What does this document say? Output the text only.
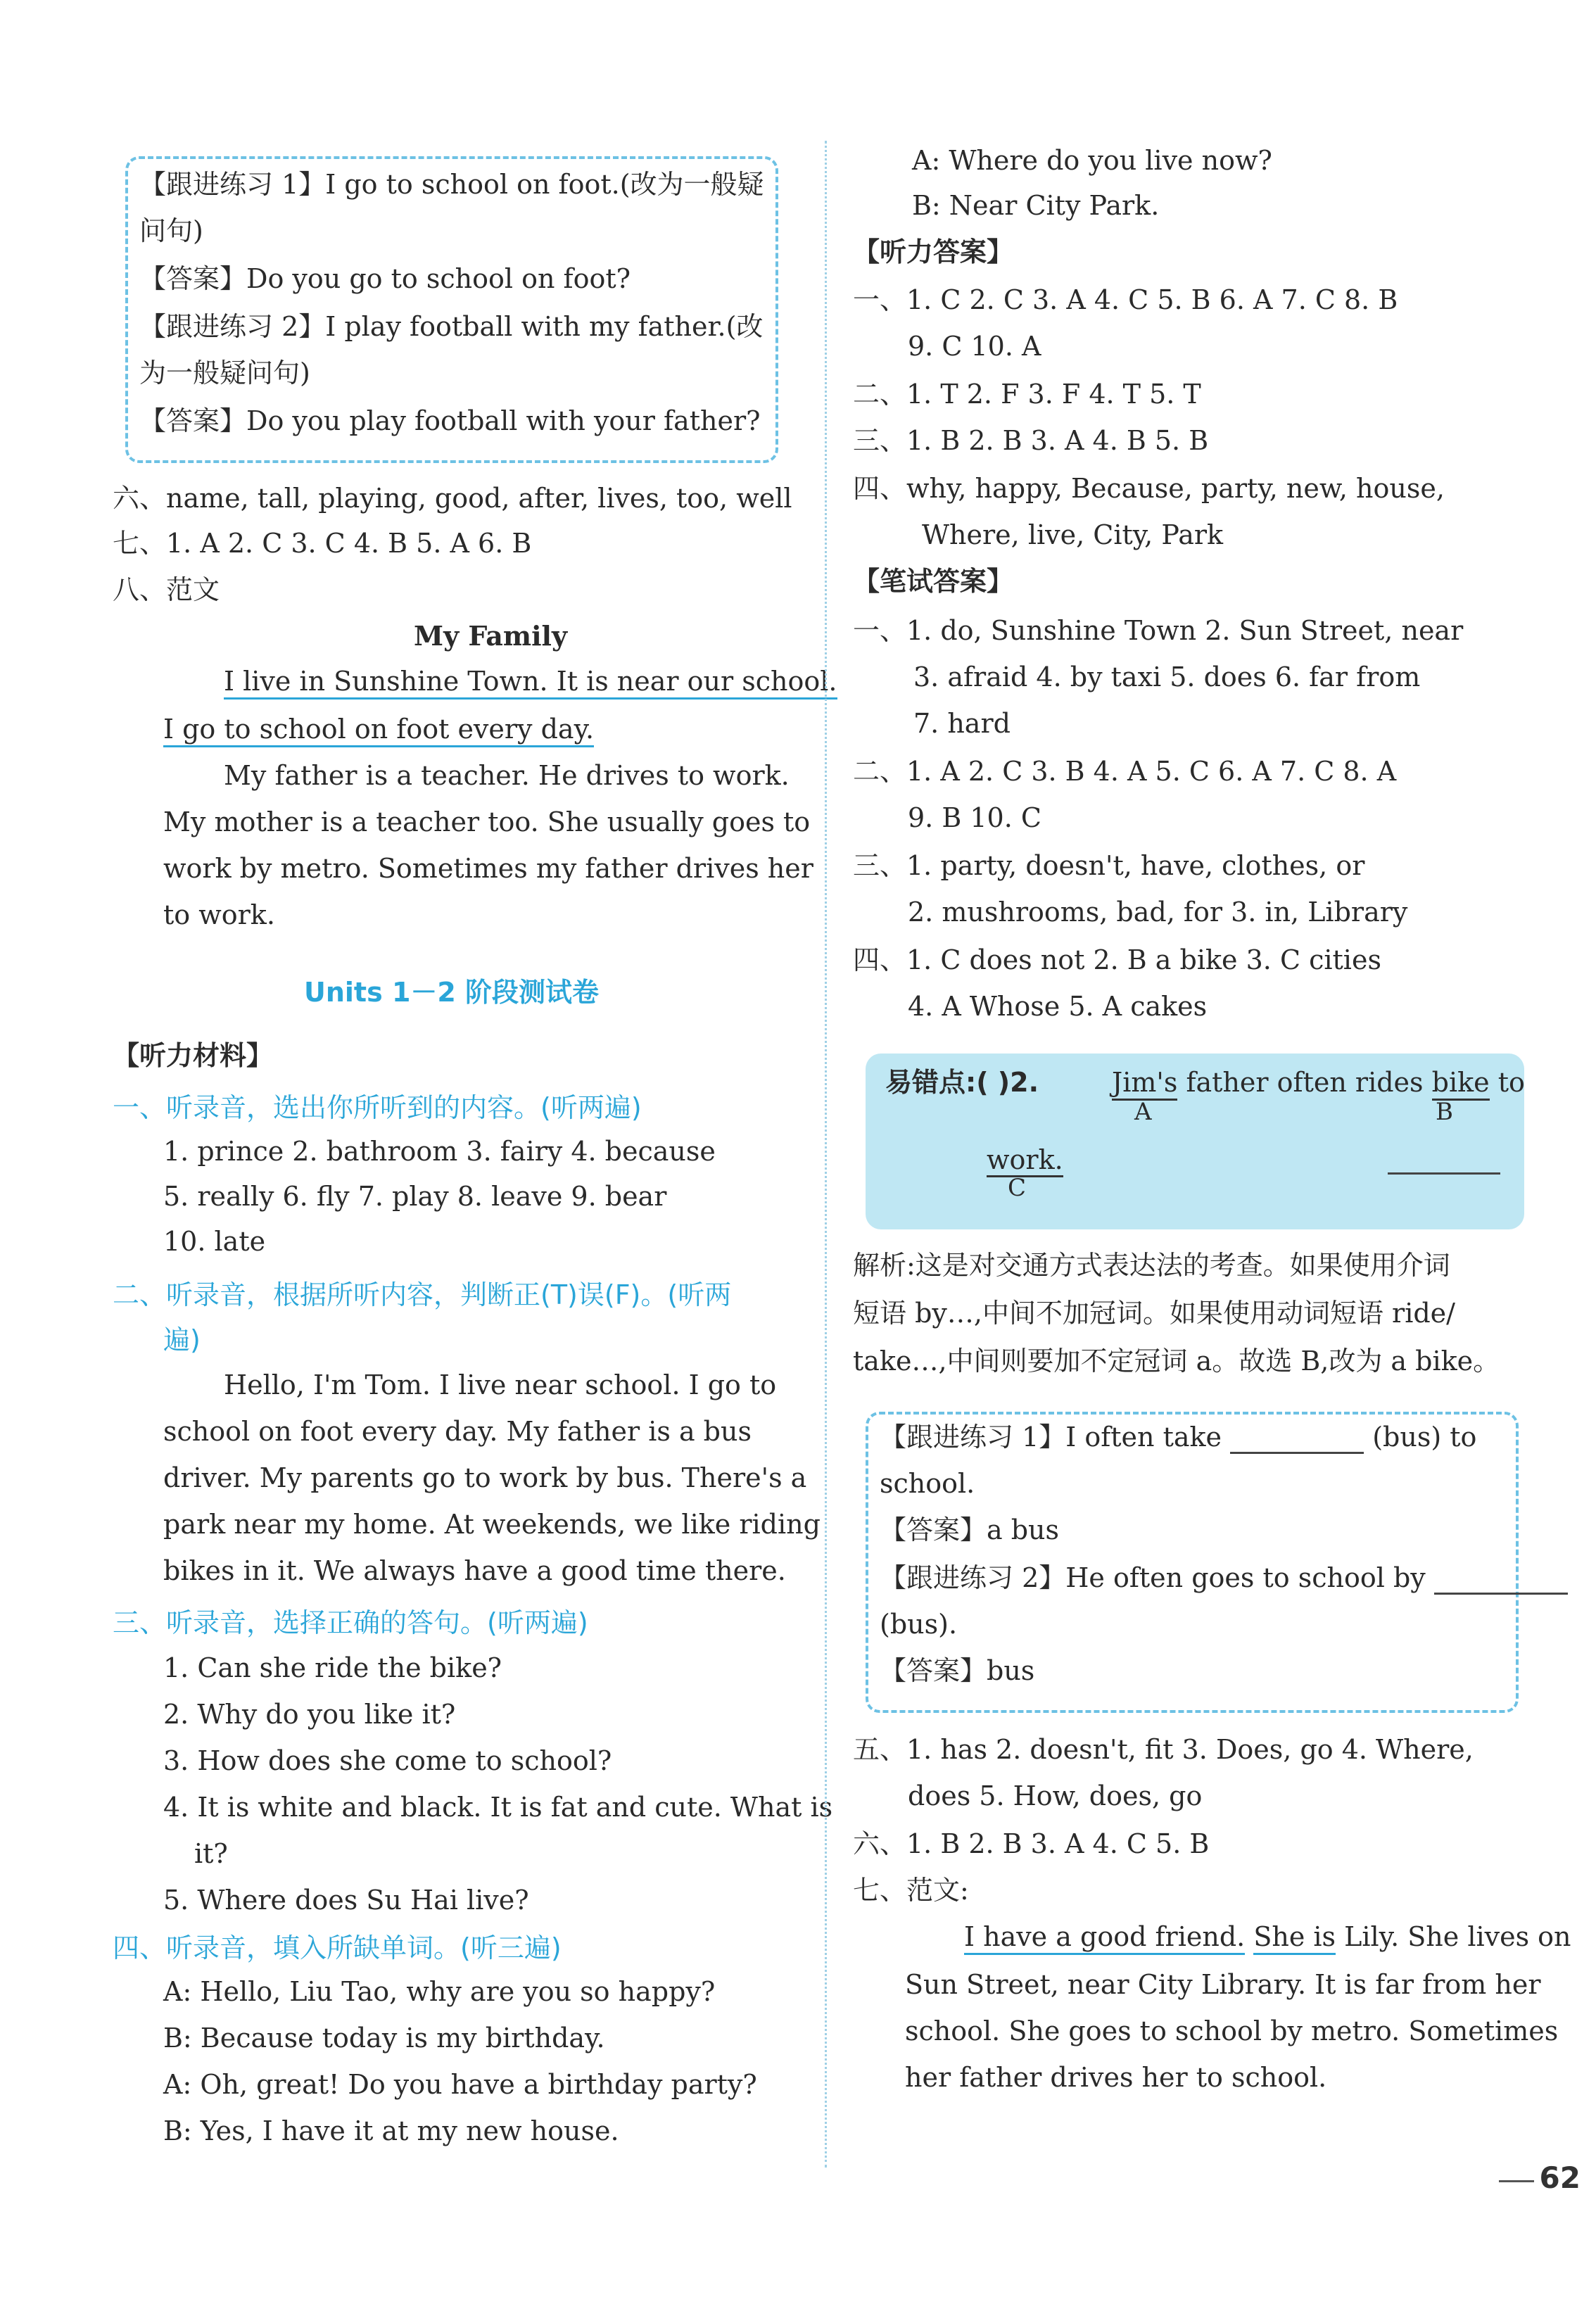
【跟进练习 1】I go to school on foot.(改为一般疑
问句)
【答案】Do you go to school on foot?
【跟进练习 2】I play football with my father.(改
为一般疑问句)
【答案】Do you play football with your father?
六、name, tall, playing, good, after, lives, too, well
七、1. A 2. C 3. C 4. B 5. A 6. B
八、范文
My Family
I live in Sunshine Town. It is near our school.
I go to school on foot every day.
My father is a teacher. He drives to work.
My mother is a teacher too. She usually goes to
work by metro. Sometimes my father drives her
to work.
Units 1－2 阶段测试卷
【听力材料】
一、听录音，选出你所听到的内容。(听两遍)
1. prince 2. bathroom 3. fairy 4. because
5. really 6. fly 7. play 8. leave 9. bear
10. late
二、听录音，根据所听内容，判断正(T)误(F)。(听两
遍)
Hello, I'm Tom. I live near school. I go to
school on foot every day. My father is a bus
driver. My parents go to work by bus. There's a
park near my home. At weekends, we like riding
bikes in it. We always have a good time there.
三、听录音，选择正确的答句。(听两遍)
1. Can she ride the bike?
2. Why do you like it?
3. How does she come to school?
4. It is white and black. It is fat and cute. What is
it?
5. Where does Su Hai live?
四、听录音，填入所缺单词。(听三遍)
A: Hello, Liu Tao, why are you so happy?
B: Because today is my birthday.
A: Oh, great! Do you have a birthday party?
B: Yes, I have it at my new house.
A: Where do you live now?
B: Near City Park.
【听力答案】
一、1. C 2. C 3. A 4. C 5. B 6. A 7. C 8. B
9. C 10. A
二、1. T 2. F 3. F 4. T 5. T
三、1. B 2. B 3. A 4. B 5. B
四、why, happy, Because, party, new, house,
Where, live, City, Park
【笔试答案】
一、1. do, Sunshine Town 2. Sun Street, near
3. afraid 4. by taxi 5. does 6. far from
7. hard
二、1. A 2. C 3. B 4. A 5. C 6. A 7. C 8. A
9. B 10. C
三、1. party, doesn't, have, clothes, or
2. mushrooms, bad, for 3. in, Library
四、1. C does not 2. B a bike 3. C cities
4. A Whose 5. A cakes
易错点:( )2.	Jim's father often rides bike to
A	B
work.
C
解析:这是对交通方式表达法的考查。如果使用介词
短语 by…,中间不加冠词。如果使用动词短语 ride/
take…,中间则要加不定冠词 a。故选 B,改为 a bike。
【跟进练习 1】I often take	(bus) to
school.
【答案】a bus
【跟进练习 2】He often goes to school by
(bus).
【答案】bus
五、1. has 2. doesn't, fit 3. Does, go 4. Where,
does 5. How, does, go
六、1. B 2. B 3. A 4. C 5. B
七、范文:
I have a good friend. She is Lily. She lives on
Sun Street, near City Library. It is far from her
school. She goes to school by metro. Sometimes
her father drives her to school.
62
